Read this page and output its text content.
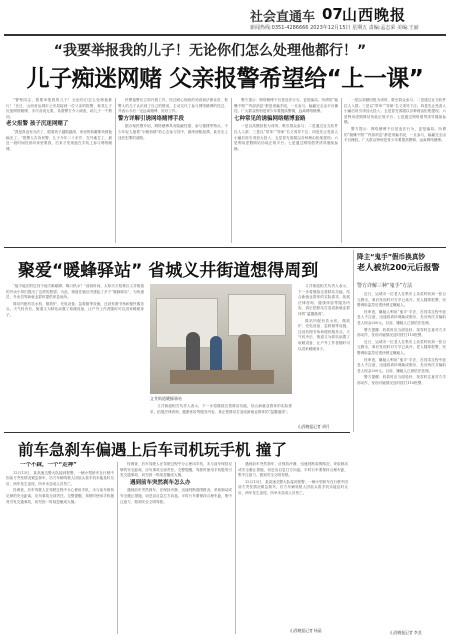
社会直通车 07 山西晚报
新闻热线:0351-4286666 2023年12月15日 星期五 责编:孟志荣 美编:王丽
“我要举报我的儿子！无论你们怎么处理他都行！”
儿子痴迷网赌 父亲报警希望给“上一课”

“警察同志，我要举报我的儿子！无论你们怎么处理他都行！”近日，山西省运城市公安局接到一位父亲的报警，称其儿子沉迷网络赌博，多次劝说无果，希望警方介入调查，给儿子一个教训。

老父报警 孩子沉迷网赌了

“我是真没有办法了，眼看孩子越陷越深，家里的积蓄都快被他输光了。”报警人告诉民警，儿子今年二十多岁，在外地打工，最近一段时间经常向家里要钱，后来才发现他在手机上参与网络赌博。

民警接警后立即开展工作，经过耐心细致的劝说和法律宣讲，报警人的儿子认识到了自己的错误，主动交代了参与网络赌博的经过，并表示今后一定远离赌博、好好工作。

警方详解引诱网络赌博手段

据办案民警介绍，网络赌博具有隐蔽性强、参与便捷等特点，不少年轻人抱着“小赌怡情”的心态参与其中，最终深陷泥潭，甚至走上违法犯罪的道路。

警方提示：网络赌博不仅是违法行为，更是骗局。所谓的“稳赚不赔”“内部消息”都是诱骗手段，一旦参与，输赢完全由平台操控。广大群众特别是青少年要提高警惕，远离网络赌博。

七种常见的诱骗网络赌博套路

一是以高额回报为诱饵，吸引群众参与；二是通过社交软件拉人入群；三是以“带单”“导师”名义诱导下注；四是先让受害人小赢后再引诱加大投入；五是冒充客服以各种理由拒绝提现；六是利用虚假网站伪装正规平台；七是通过网络借贷诱导继续参赌。

一是以高额回报为诱饵，吸引群众参与；二是通过社交软件拉人入群；三是以“带单”“导师”名义诱导下注；四是先让受害人小赢后再引诱加大投入；五是冒充客服以各种理由拒绝提现；六是利用虚假网站伪装正规平台；七是通过网络借贷诱导继续参赌。

警方提示：网络赌博不仅是违法行为，更是骗局。所谓的“稳赚不赔”“内部消息”都是诱骗手段，一旦参与，输赢完全由平台操控。广大群众特别是青少年要提高警惕，远离网络赌博。

聚爱“暖蜂驿站” 省城义井街道想得周到

“能不能在附近找个地方歇歇脚、喝口热水？”前段时间，太原市万柏林区义井街道的外卖小哥们提出了这样的愿望。为此，街道在辖区内建起了多个“暖蜂驿站”，为快递员、外卖员等新就业群体提供休息场所。

驿站内配有饮水机、微波炉、充电设备、急救箱等设施，还设有图书角和便民服务点。天气转冷后，街道又为驿站添置了取暖设备，让户外工作者随时可以进来暖暖身子。

义井街道暖蜂驿站

义井街道相关负责人表示，下一步将继续完善驿站功能，结合新就业群体的实际需求，拓展法律咨询、健康体检等服务内容，真正把驿站打造成新就业群体的“温馨港湾”。

义井街道相关负责人表示，下一步将继续完善驿站功能，结合新就业群体的实际需求，拓展法律咨询、健康体检等服务内容，真正把驿站打造成新就业群体的“温馨港湾”。

驿站内配有饮水机、微波炉、充电设备、急救箱等设施，还设有图书角和便民服务点。天气转冷后，街道又为驿站添置了取暖设备，让户外工作者随时可以进来暖暖身子。

山西晚报记者 胡月
降主“鬼手”假币换真钞
老人被坑200元后报警
警方详解三种“鬼手”方法

近日，运城市一位老人在集市上卖菜时收到一张百元假币，事后发现时对方早已离开。老人随即报警，民警调取监控后很快锁定嫌疑人。

经审查，嫌疑人利用“鬼手”手法，在找零过程中趁老人不注意，迅速将真钞调换成假币，先后两次共骗取老人现金200元。目前，嫌疑人已被依法处理。

警方提醒：收款时应当面验钞，找零时注意对方手部动作，发现可疑情况及时拨打110报警。

近日，运城市一位老人在集市上卖菜时收到一张百元假币，事后发现时对方早已离开。老人随即报警，民警调取监控后很快锁定嫌疑人。

经审查，嫌疑人利用“鬼手”手法，在找零过程中趁老人不注意，迅速将真钞调换成假币，先后两次共骗取老人现金200元。目前，嫌疑人已被依法处理。

警方提醒：收款时应当面验钞，找零时注意对方手部动作，发现可疑情况及时拨打110报警。

山西晚报记者 李龙
前车急刹车偏遇上后车司机玩手机 撞了
一个不踩，一个“走神”

12月13日，某高速交警大队接到报警，一辆小型轿车在行驶中因前方突发情况紧急刹车，后方车辆驾驶人因低头看手机未能及时反应，两车发生追尾，所幸未造成人员伤亡。

经调查，后车驾驶人在驾驶过程中分心使用手机，未与前车保持足够的安全距离，应负事故全部责任。交警提醒，驾驶时使用手机极易引发交通事故，切勿因一时疏忽酿成大祸。

经调查，后车驾驶人在驾驶过程中分心使用手机，未与前车保持足够的安全距离，应负事故全部责任。交警提醒，驾驶时使用手机极易引发交通事故，切勿因一时疏忽酿成大祸。

遇到前车突然刹车怎么办

遇到前车突然刹车，应保持冷静，迅速判断周围路况，采取制动或安全避让措施，切忌盲目急打方向盘。平时行车要保持合理车距，集中注意力，做到安全文明驾驶。

遇到前车突然刹车，应保持冷静，迅速判断周围路况，采取制动或安全避让措施，切忌盲目急打方向盘。平时行车要保持合理车距，集中注意力，做到安全文明驾驶。

12月13日，某高速交警大队接到报警，一辆小型轿车在行驶中因前方突发情况紧急刹车，后方车辆驾驶人因低头看手机未能及时反应，两车发生追尾，所幸未造成人员伤亡。

山西晚报记者 杨晶
